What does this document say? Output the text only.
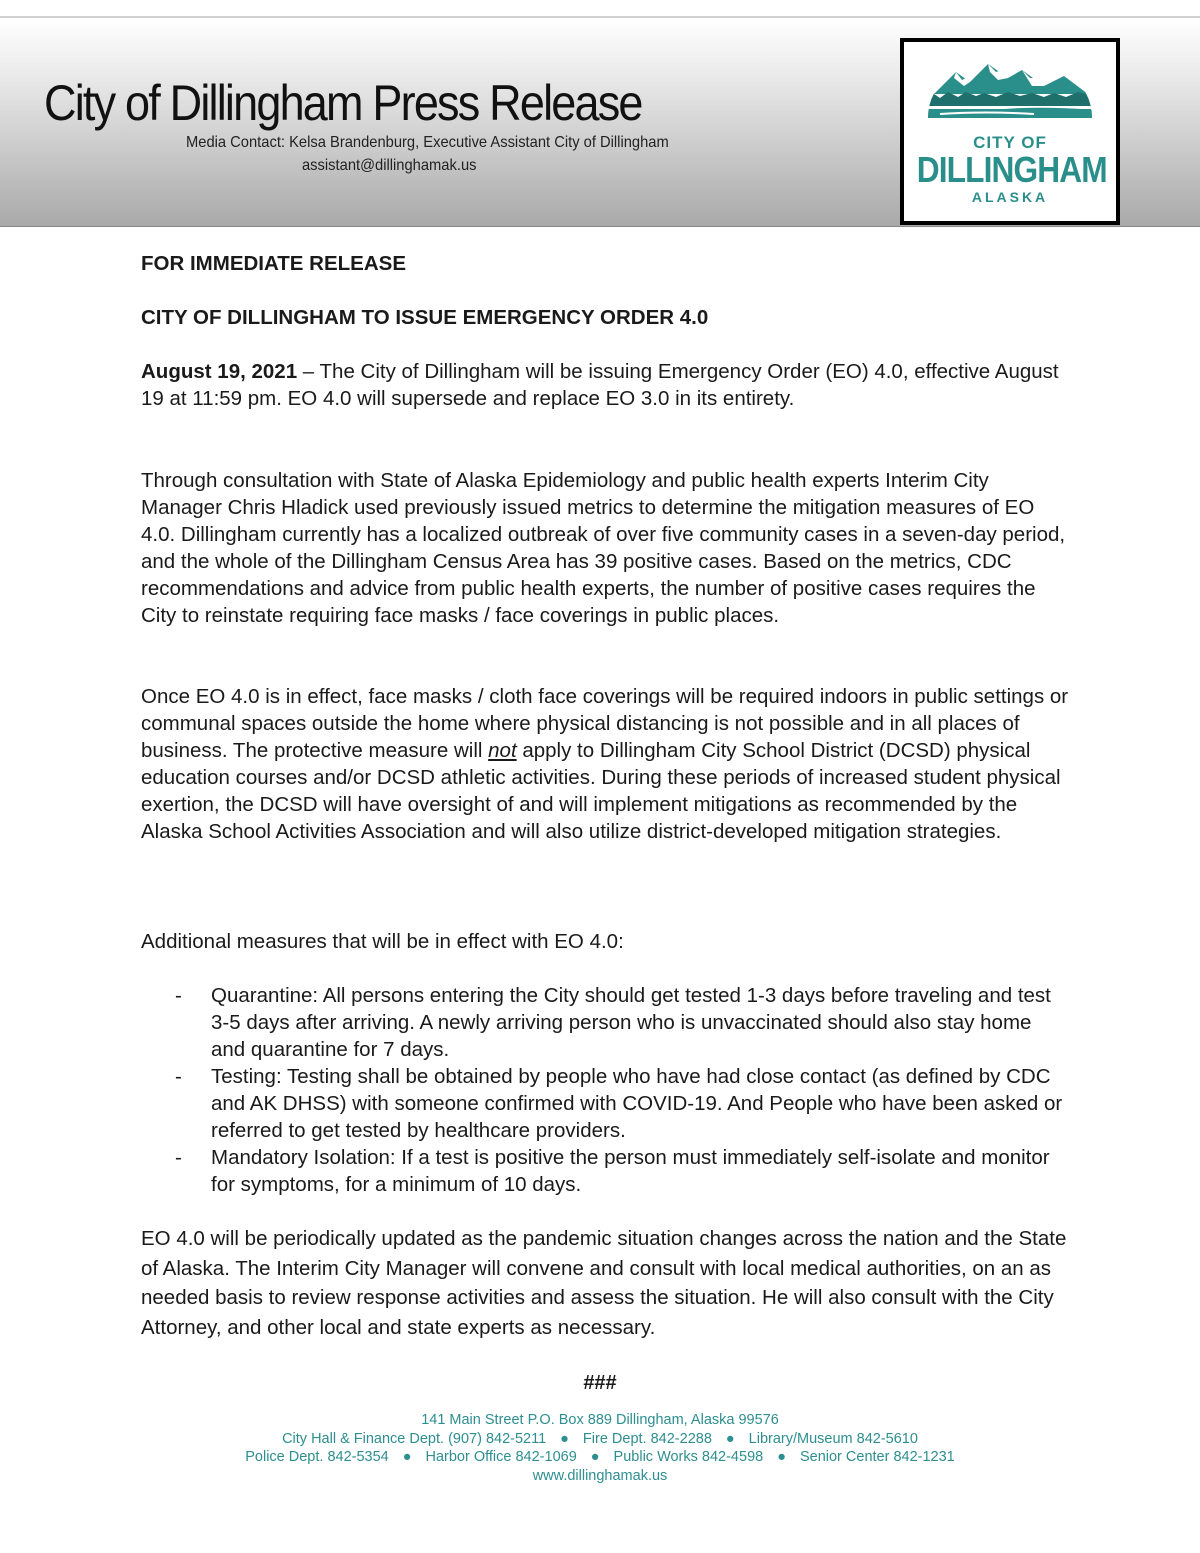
City of Dillingham Press Release
Media Contact: Kelsa Brandenburg, Executive Assistant City of Dillingham
assistant@dillinghamak.us
CITY OF
DILLINGHAM
ALASKA
FOR IMMEDIATE RELEASE
CITY OF DILLINGHAM TO ISSUE EMERGENCY ORDER 4.0

August 19, 2021 – The City of Dillingham will be issuing Emergency Order (EO) 4.0, effective August 19 at 11:59 pm. EO 4.0 will supersede and replace EO 3.0 in its entirety.

Through consultation with State of Alaska Epidemiology and public health experts Interim City Manager Chris Hladick used previously issued metrics to determine the mitigation measures of EO 4.0. Dillingham currently has a localized outbreak of over five community cases in a seven-day period, and the whole of the Dillingham Census Area has 39 positive cases. Based on the metrics, CDC recommendations and advice from public health experts, the number of positive cases requires the City to reinstate requiring face masks / face coverings in public places.

Once EO 4.0 is in effect, face masks / cloth face coverings will be required indoors in public settings or communal spaces outside the home where physical distancing is not possible and in all places of business. The protective measure will not apply to Dillingham City School District (DCSD) physical education courses and/or DCSD athletic activities. During these periods of increased student physical exertion, the DCSD will have oversight of and will implement mitigations as recommended by the Alaska School Activities Association and will also utilize district-developed mitigation strategies.

Additional measures that will be in effect with EO 4.0:

- Quarantine: All persons entering the City should get tested 1-3 days before traveling and test 3-5 days after arriving. A newly arriving person who is unvaccinated should also stay home and quarantine for 7 days.

- Testing: Testing shall be obtained by people who have had close contact (as defined by CDC and AK DHSS) with someone confirmed with COVID-19. And People who have been asked or referred to get tested by healthcare providers.

- Mandatory Isolation: If a test is positive the person must immediately self-isolate and monitor for symptoms, for a minimum of 10 days.

EO 4.0 will be periodically updated as the pandemic situation changes across the nation and the State of Alaska. The Interim City Manager will convene and consult with local medical authorities, on an as needed basis to review response activities and assess the situation. He will also consult with the City Attorney, and other local and state experts as necessary.
###
141 Main Street P.O. Box 889 Dillingham, Alaska 99576
City Hall & Finance Dept. (907) 842-5211 ● Fire Dept. 842-2288 ● Library/Museum 842-5610
Police Dept. 842-5354 ● Harbor Office 842-1069 ● Public Works 842-4598 ● Senior Center 842-1231
www.dillinghamak.us
